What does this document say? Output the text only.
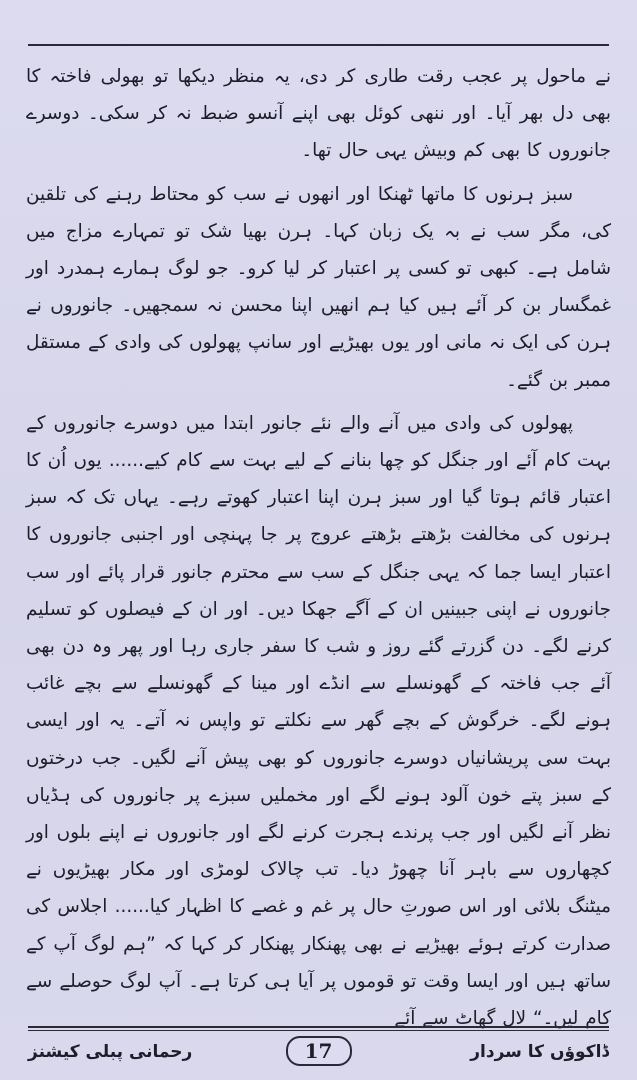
نے ماحول پر عجب رقت طاری کر دی، یہ منظر دیکھا تو بھولی فاختہ کا بھی دل بھر آیا۔ اور ننھی کوئل بھی اپنے آنسو ضبط نہ کر سکی۔ دوسرے جانوروں کا بھی کم وبیش یہی حال تھا۔

سبز ہرنوں کا ماتھا ٹھنکا اور انھوں نے سب کو محتاط رہنے کی تلقین کی، مگر سب نے بہ یک زبان کہا۔ ہرن بھیا شک تو تمہارے مزاج میں شامل ہے۔ کبھی تو کسی پر اعتبار کر لیا کرو۔ جو لوگ ہمارے ہمدرد اور غمگسار بن کر آئے ہیں کیا ہم انھیں اپنا محسن نہ سمجھیں۔ جانوروں نے ہرن کی ایک نہ مانی اور یوں بھیڑیے اور سانپ پھولوں کی وادی کے مستقل ممبر بن گئے۔

پھولوں کی وادی میں آنے والے نئے جانور ابتدا میں دوسرے جانوروں کے بہت کام آئے اور جنگل کو چھا بنانے کے لیے بہت سے کام کیے...... یوں اُن کا اعتبار قائم ہوتا گیا اور سبز ہرن اپنا اعتبار کھوتے رہے۔ یہاں تک کہ سبز ہرنوں کی مخالفت بڑھتے بڑھتے عروج پر جا پہنچی اور اجنبی جانوروں کا اعتبار ایسا جما کہ یہی جنگل کے سب سے محترم جانور قرار پائے اور سب جانوروں نے اپنی جبینیں ان کے آگے جھکا دیں۔ اور ان کے فیصلوں کو تسلیم کرنے لگے۔ دن گزرتے گئے روز و شب کا سفر جاری رہا اور پھر وہ دن بھی آئے جب فاختہ کے گھونسلے سے انڈے اور مینا کے گھونسلے سے بچے غائب ہونے لگے۔ خرگوش کے بچے گھر سے نکلتے تو واپس نہ آتے۔ یہ اور ایسی بہت سی پریشانیاں دوسرے جانوروں کو بھی پیش آنے لگیں۔ جب درختوں کے سبز پتے خون آلود ہونے لگے اور مخملیں سبزے پر جانوروں کی ہڈیاں نظر آنے لگیں اور جب پرندے ہجرت کرنے لگے اور جانوروں نے اپنے بلوں اور کچھاروں سے باہر آنا چھوڑ دیا۔ تب چالاک لومڑی اور مکار بھیڑیوں نے میٹنگ بلائی اور اس صورتِ حال پر غم و غصے کا اظہار کیا...... اجلاس کی صدارت کرتے ہوئے بھیڑیے نے بھی پھنکار پھنکار کر کہا کہ ”ہم لوگ آپ کے ساتھ ہیں اور ایسا وقت تو قوموں پر آیا ہی کرتا ہے۔ آپ لوگ حوصلے سے کام لیں۔“ لال گھاٹ سے آئے

رحمانی پبلی کیشنز	17	ڈاکوؤں کا سردار
